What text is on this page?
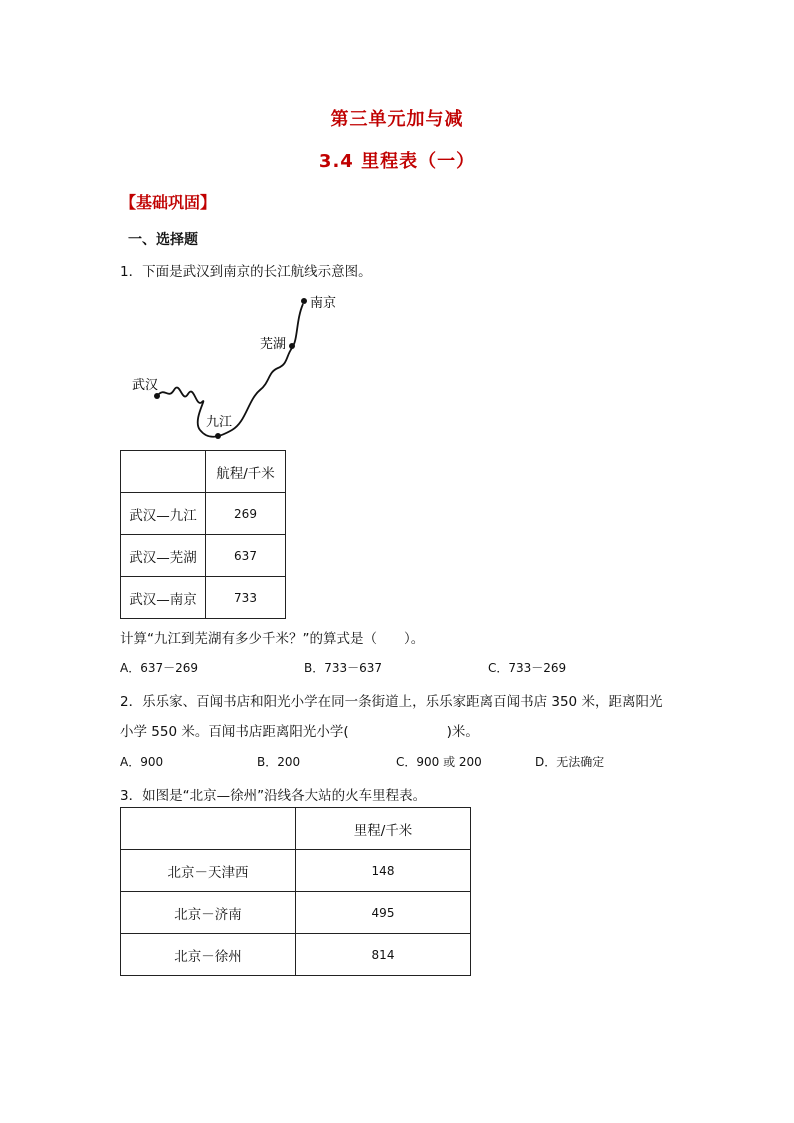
第三单元加与减
3.4 里程表（一）
【基础巩固】
一、选择题
1．下面是武汉到南京的长江航线示意图。
南京
芜湖
武汉
九江
	航程/千米
武汉—九江	269
武汉—芜湖	637
武汉—南京	733
计算“九江到芜湖有多少千米？”的算式是（　　）。
A．637－269	B．733－637	C．733－269
2．乐乐家、百闻书店和阳光小学在同一条街道上，乐乐家距离百闻书店 350 米，距离阳光
小学 550 米。百闻书店距离阳光小学(	)米。
A．900	B．200	C．900 或 200	D．无法确定
3．如图是“北京—徐州”沿线各大站的火车里程表。
	里程/千米
北京－天津西	148
北京－济南	495
北京－徐州	814
